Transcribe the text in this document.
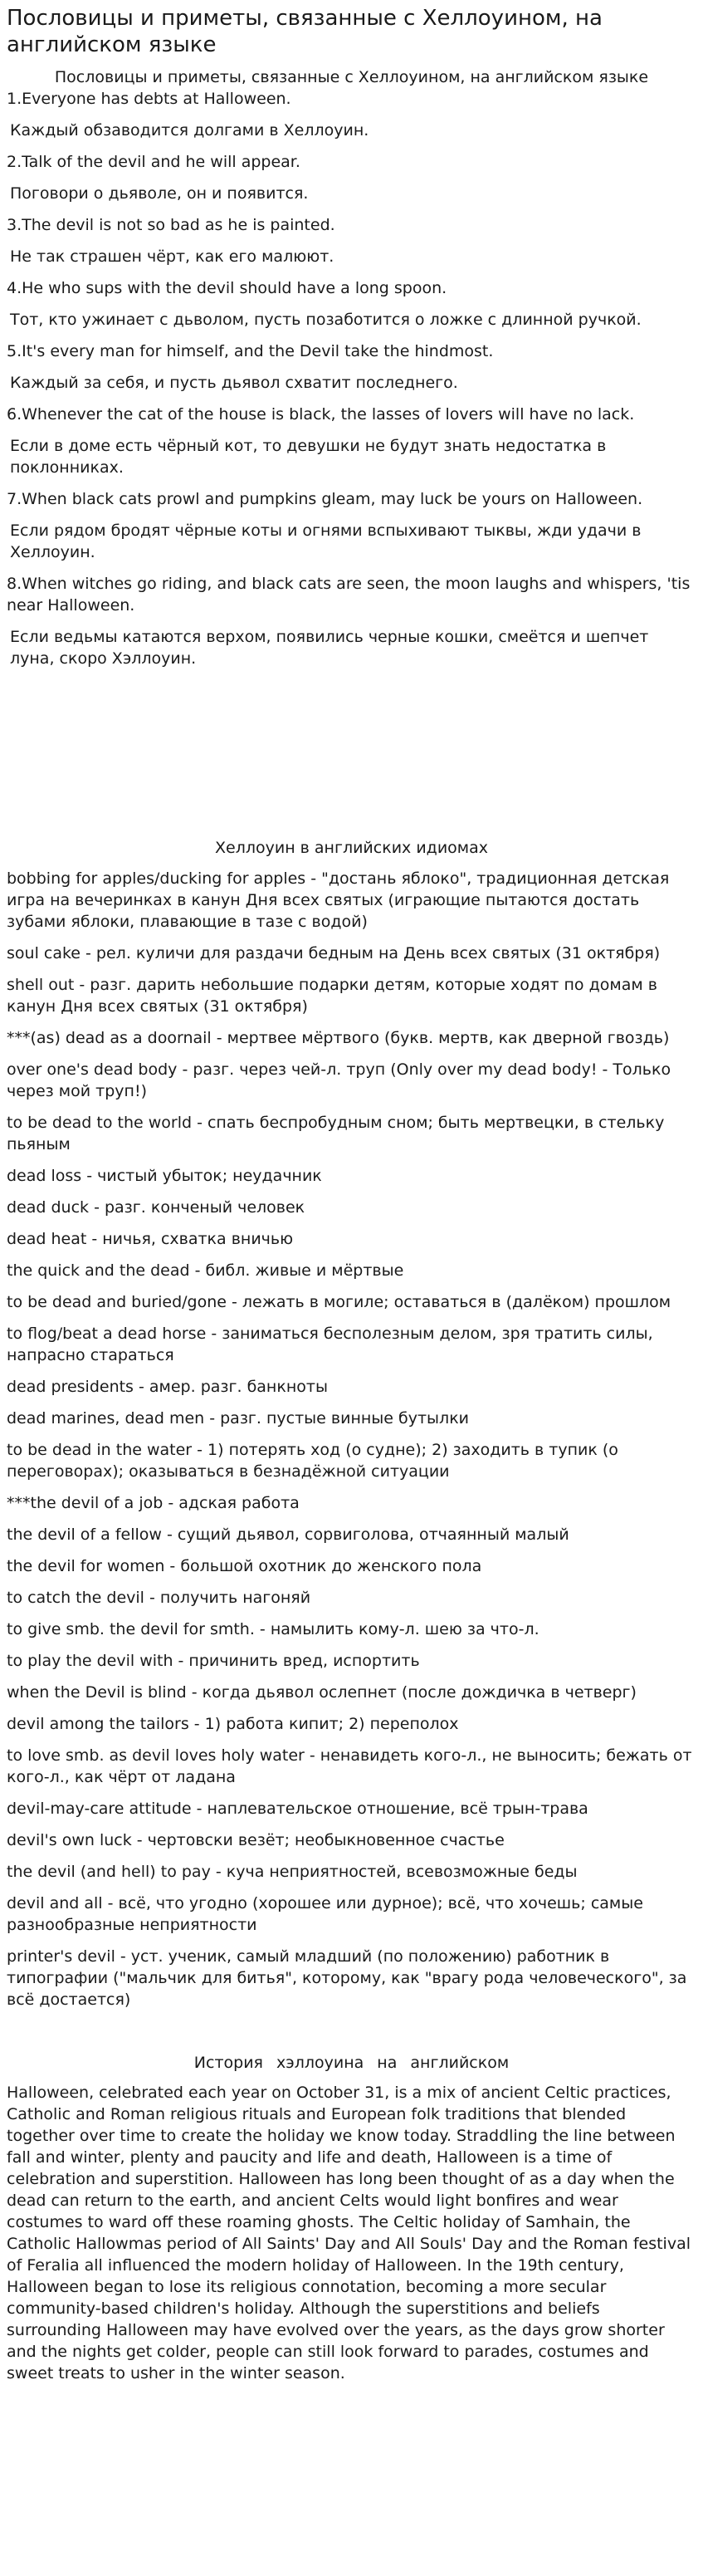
Пословицы и приметы, связанные с Хеллоуином, на английском языке

Пословицы и приметы, связанные с Хеллоуином, на английском языке

1.Everyone has debts at Halloween.

Каждый обзаводится долгами в Хеллоуин.

2.Talk of the devil and he will appear.

Поговори о дьяволе, он и появится.

3.The devil is not so bad as he is painted.

Не так страшен чёрт, как его малюют.

4.He who sups with the devil should have a long spoon.

Тот, кто ужинает с дьволом, пусть позаботится о ложке с длинной ручкой.

5.It's every man for himself, and the Devil take the hindmost.

Каждый за себя, и пусть дьявол схватит последнего.

6.Whenever the cat of the house is black, the lasses of lovers will have no lack.

Если в доме есть чёрный кот, то девушки не будут знать недостатка в поклонниках.

7.When black cats prowl and pumpkins gleam, may luck be yours on Halloween.

Если рядом бродят чёрные коты и огнями вспыхивают тыквы, жди удачи в Хеллоуин.

8.When witches go riding, and black cats are seen, the moon laughs and whispers, 'tis near Halloween.

Если ведьмы катаются верхом, появились черные кошки, смеётся и шепчет луна, скоро Хэллоуин.

Хеллоуин в английских идиомах

bobbing for apples/ducking for apples - "достань яблоко", традиционная детская игра на вечеринках в канун Дня всех святых (играющие пытаются достать зубами яблоки, плавающие в тазе с водой)

soul cake - рел. куличи для раздачи бедным на День всех святых (31 октября)

shell out - разг. дарить небольшие подарки детям, которые ходят по домам в канун Дня всех святых (31 октября)

***(as) dead as a doornail - мертвее мёртвого (букв. мертв, как дверной гвоздь)

over one's dead body - разг. через чей-л. труп (Only over my dead body! - Только через мой труп!)

to be dead to the world - спать беспробудным сном; быть мертвецки, в стельку пьяным

dead loss - чистый убыток; неудачник

dead duck - разг. конченый человек

dead heat - ничья, схватка вничью

the quick and the dead - библ. живые и мёртвые

to be dead and buried/gone - лежать в могиле; оставаться в (далёком) прошлом

to flog/beat a dead horse - заниматься бесполезным делом, зря тратить силы, напрасно стараться

dead presidents - амер. разг. банкноты

dead marines, dead men - разг. пустые винные бутылки

to be dead in the water - 1) потерять ход (о судне); 2) заходить в тупик (о переговорах); оказываться в безнадёжной ситуации

***the devil of a job - адская работа

the devil of a fellow - сущий дьявол, сорвиголова, отчаянный малый

the devil for women - большой охотник до женского пола

to catch the devil - получить нагоняй

to give smb. the devil for smth. - намылить кому-л. шею за что-л.

to play the devil with - причинить вред, испортить

when the Devil is blind - когда дьявол ослепнет (после дождичка в четверг)

devil among the tailors - 1) работа кипит; 2) переполох

to love smb. as devil loves holy water - ненавидеть кого-л., не выносить; бежать от кого-л., как чёрт от ладана

devil-may-care attitude - наплевательское отношение, всё трын-трава

devil's own luck - чертовски везёт; необыкновенное счастье

the devil (and hell) to pay - куча неприятностей, всевозможные беды

devil and all - всё, что угодно (хорошее или дурное); всё, что хочешь; самые разнообразные неприятности

printer's devil - уст. ученик, самый младший (по положению) работник в типографии ("мальчик для битья", которому, как "врагу рода человеческого", за всё достается)

История хэллоуина на английском

Halloween, celebrated each year on October 31, is a mix of ancient Celtic practices, Catholic and Roman religious rituals and European folk traditions that blended together over time to create the holiday we know today. Straddling the line between fall and winter, plenty and paucity and life and death, Halloween is a time of celebration and superstition. Halloween has long been thought of as a day when the dead can return to the earth, and ancient Celts would light bonfires and wear costumes to ward off these roaming ghosts. The Celtic holiday of Samhain, the Catholic Hallowmas period of All Saints' Day and All Souls' Day and the Roman festival of Feralia all influenced the modern holiday of Halloween. In the 19th century, Halloween began to lose its religious connotation, becoming a more secular community-based children's holiday. Although the superstitions and beliefs surrounding Halloween may have evolved over the years, as the days grow shorter and the nights get colder, people can still look forward to parades, costumes and sweet treats to usher in the winter season.
